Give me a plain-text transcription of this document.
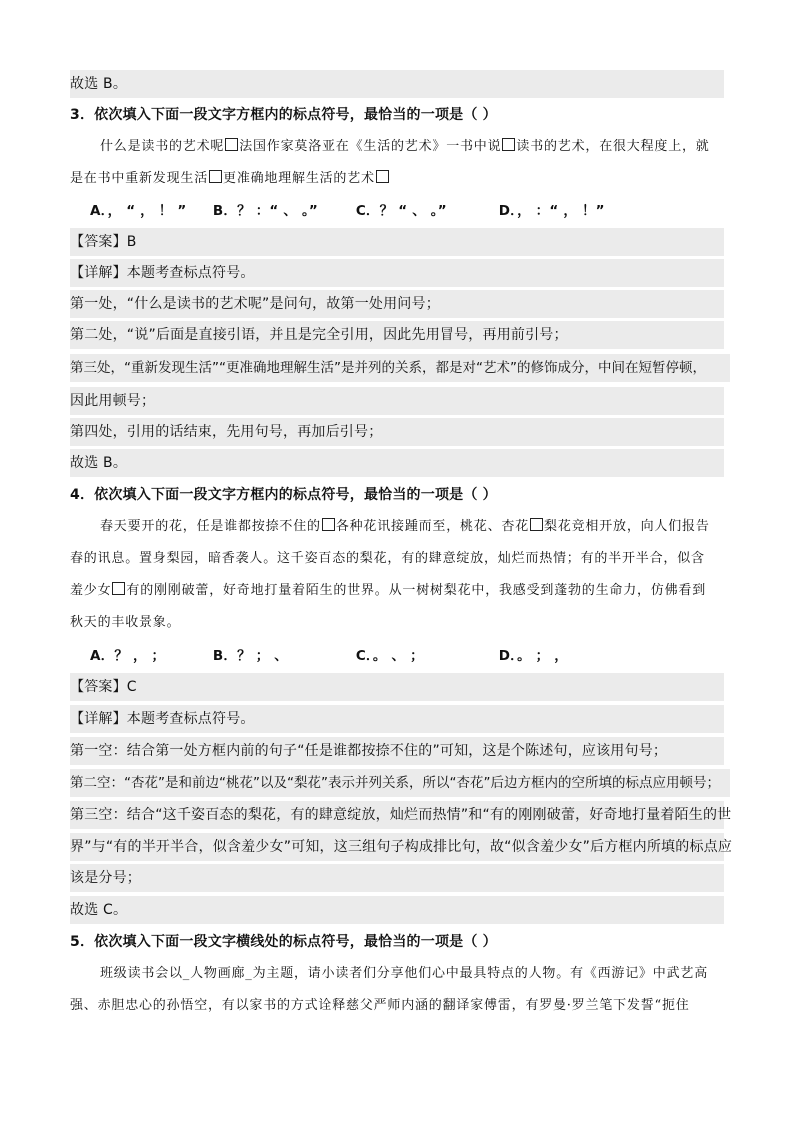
故选 B。

3．依次填入下面一段文字方框内的标点符号，最恰当的一项是（ ）

什么是读书的艺术呢 法国作家莫洛亚在《生活的艺术》一书中说 读书的艺术，在很大程度上，就

是在书中重新发现生活 更准确地理解生活的艺术

A．， “ ， ！ ” B．？ ：“ 、 。”	C．？ “ 、 。”	D．， ：“ ， ！”

【答案】B

【详解】本题考查标点符号。

第一处，“什么是读书的艺术呢”是问句，故第一处用问号；

第二处，“说”后面是直接引语，并且是完全引用，因此先用冒号，再用前引号；

第三处，“重新发现生活”“更准确地理解生活”是并列的关系，都是对“艺术”的修饰成分，中间在短暂停顿，

因此用顿号；

第四处，引用的话结束，先用句号，再加后引号；

故选 B。

4．依次填入下面一段文字方框内的标点符号，最恰当的一项是（ ）

春天要开的花，任是谁都按捺不住的 各种花讯接踵而至，桃花、杏花 梨花竞相开放，向人们报告

春的讯息。置身梨园，暗香袭人。这千姿百态的梨花，有的肆意绽放，灿烂而热情；有的半开半合，似含

羞少女 有的刚刚破蕾，好奇地打量着陌生的世界。从一树树梨花中，我感受到蓬勃的生命力，仿佛看到

秋天的丰收景象。

A．？ ， ；	B．？ ； 、	C．。 、 ；	D．。 ； ，

【答案】C

【详解】本题考查标点符号。

第一空：结合第一处方框内前的句子“任是谁都按捺不住的”可知，这是个陈述句，应该用句号；

第二空：“杏花”是和前边“桃花”以及“梨花”表示并列关系，所以“杏花”后边方框内的空所填的标点应用顿号；

第三空：结合“这千姿百态的梨花，有的肆意绽放，灿烂而热情”和“有的刚刚破蕾，好奇地打量着陌生的世

界”与“有的半开半合，似含羞少女”可知，这三组句子构成排比句，故“似含羞少女”后方框内所填的标点应

该是分号；

故选 C。

5．依次填入下面一段文字横线处的标点符号，最恰当的一项是（ ）

班级读书会以_人物画廊_为主题，请小读者们分享他们心中最具特点的人物。有《西游记》中武艺高

强、赤胆忠心的孙悟空，有以家书的方式诠释慈父严师内涵的翻译家傅雷，有罗曼·罗兰笔下发誓“扼住
